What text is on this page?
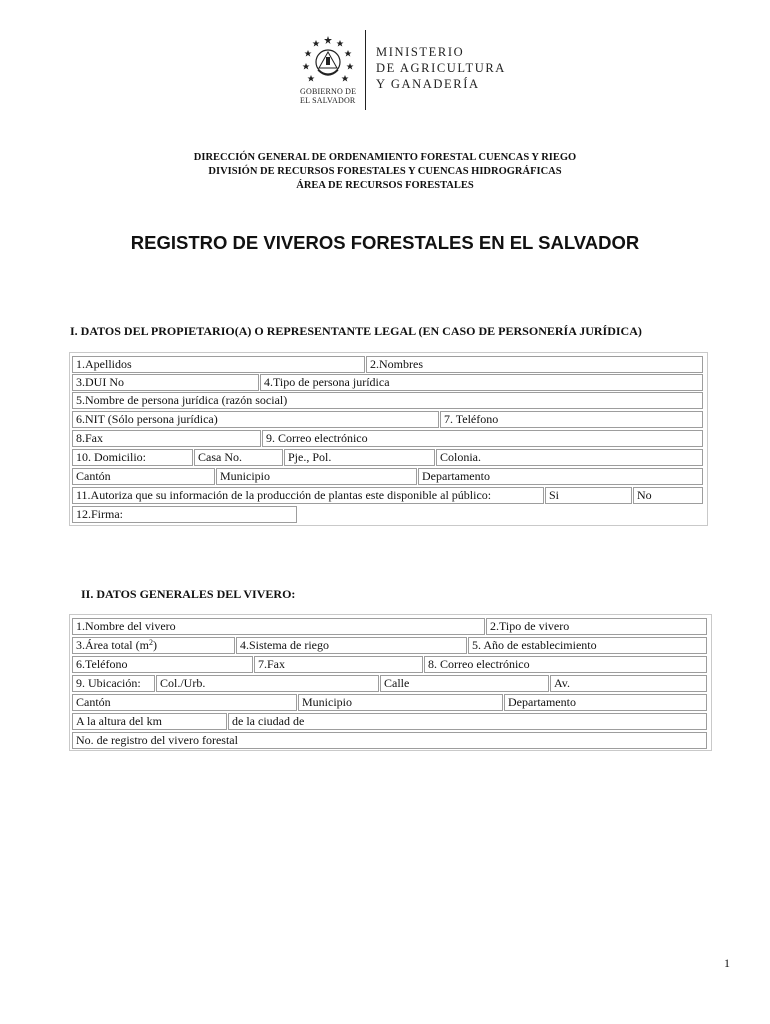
GOBIERNO DE
EL SALVADOR
MINISTERIO
DE AGRICULTURA
Y GANADERÍA
DIRECCIÓN GENERAL DE ORDENAMIENTO FORESTAL CUENCAS Y RIEGO
DIVISIÓN DE RECURSOS FORESTALES Y CUENCAS HIDROGRÁFICAS
ÁREA DE RECURSOS FORESTALES
REGISTRO DE VIVEROS FORESTALES EN EL SALVADOR
I. DATOS DEL PROPIETARIO(A) O REPRESENTANTE LEGAL (EN CASO DE PERSONERÍA JURÍDICA)
1.Apellidos	2.Nombres
3.DUI No	4.Tipo de persona jurídica
5.Nombre de persona jurídica (razón social)
6.NIT (Sólo persona jurídica)	7. Teléfono
8.Fax	9. Correo electrónico
10. Domicilio:	Casa No.	Pje., Pol.	Colonia.
Cantón	Municipio	Departamento
11.Autoriza que su información de la producción de plantas este disponible al público:	Si	No
12.Firma:
II. DATOS GENERALES DEL VIVERO:
1.Nombre del vivero	2.Tipo de vivero
3.Área total $(m^2)$	4.Sistema de riego	5. Año de establecimiento
6.Teléfono	7.Fax	8. Correo electrónico
9. Ubicación:	Col./Urb.	Calle	Av.
Cantón	Municipio	Departamento
A la altura del km	de la ciudad de
No. de registro del vivero forestal
1
